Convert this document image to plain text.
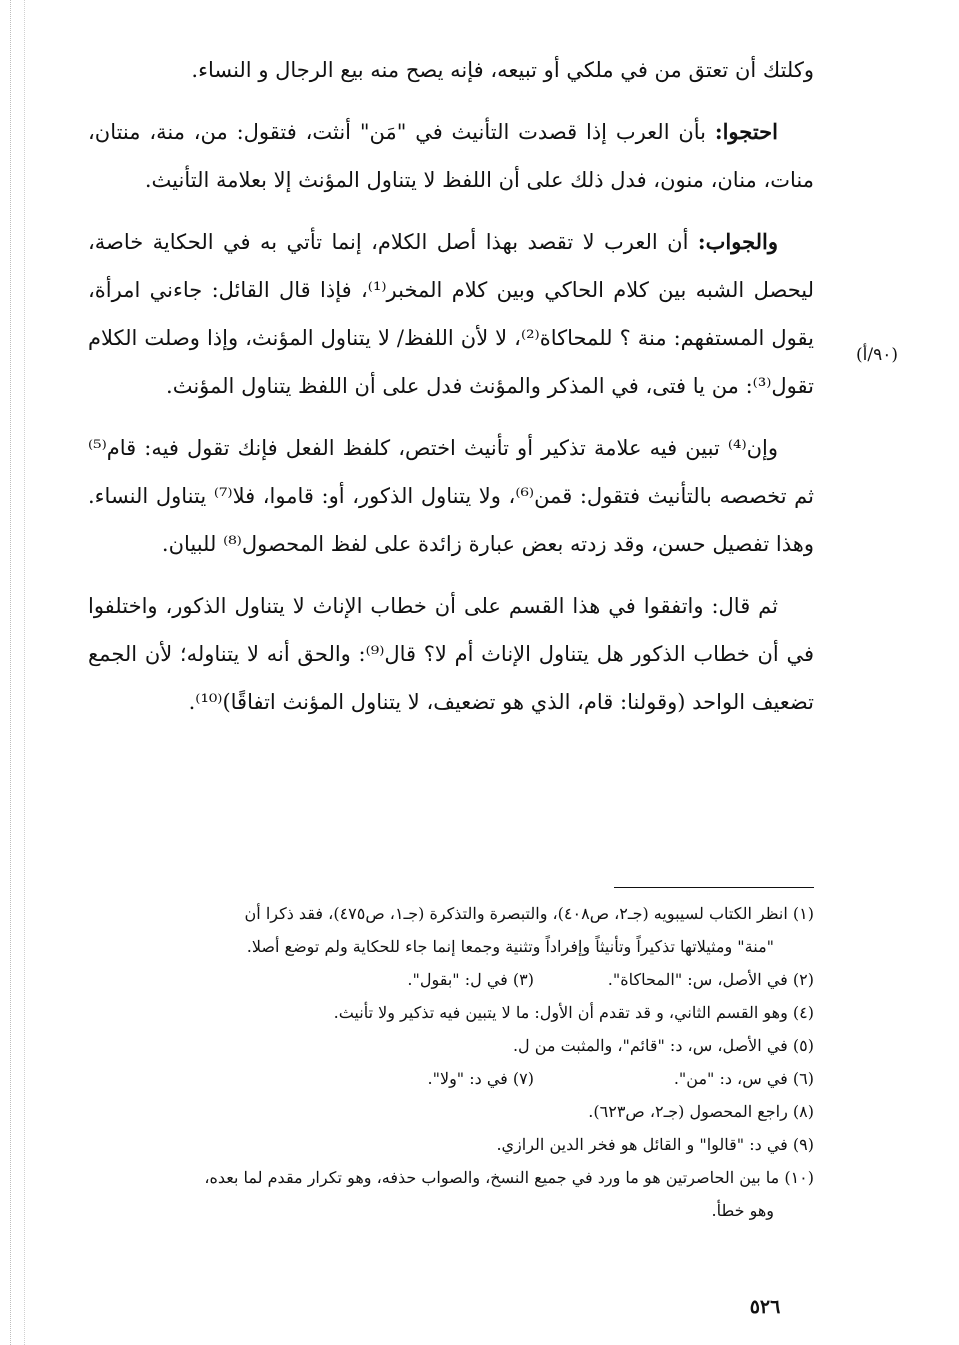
وكلتك أن تعتق من في ملكي أو تبيعه، فإنه يصح منه بيع الرجال و النساء.

احتجوا: بأن العرب إذا قصدت التأنيث في "مَن" أنثت، فتقول: من، منة، منتان، منات، منان، منون، فدل ذلك على أن اللفظ لا يتناول المؤنث إلا بعلامة التأنيث.

والجواب: أن العرب لا تقصد بهذا أصل الكلام، إنما تأتي به في الحكاية خاصة، ليحصل الشبه بين كلام الحاكي وبين كلام المخبر⁽¹⁾، فإذا قال القائل: جاءني امرأة، يقول المستفهم: منة ؟ للمحاكاة⁽²⁾، لا لأن اللفظ/ لا يتناول المؤنث، وإذا وصلت الكلام تقول⁽³⁾: من يا فتى، في المذكر والمؤنث فدل على أن اللفظ يتناول المؤنث.

وإن⁽⁴⁾ تبين فيه علامة تذكير أو تأنيث اختص، كلفظ الفعل فإنك تقول فيه: قام⁽⁵⁾ ثم تخصصه بالتأنيث فتقول: قمن⁽⁶⁾، ولا يتناول الذكور، أو: قاموا، فلا⁽⁷⁾ يتناول النساء. وهذا تفصيل حسن، وقد زدته بعض عبارة زائدة على لفظ المحصول⁽⁸⁾ للبيان.

ثم قال: واتفقوا في هذا القسم على أن خطاب الإناث لا يتناول الذكور، واختلفوا في أن خطاب الذكور هل يتناول الإناث أم لا؟ قال⁽⁹⁾: والحق أنه لا يتناوله؛ لأن الجمع تضعيف الواحد (وقولنا: قام، الذي هو تضعيف، لا يتناول المؤنث اتفاقًا)⁽¹⁰⁾.

(٩٠/أ)

(١) انظر الكتاب لسيبويه (جـ٢، ص٤٠٨)، والتبصرة والتذكرة (جـ١، ص٤٧٥)، فقد ذكرا أن

"منة" ومثيلاتها تذكيراً وتأنيثاً وإفراداً وتثنية وجمعا إنما جاء للحكاية ولم توضع أصلا.

(٢) في الأصل، س: "المحاكاة".

(٣) في ل: "بقول".

(٤) وهو القسم الثاني، و قد تقدم أن الأول: ما لا يتبين فيه تذكير ولا تأنيث.

(٥) في الأصل، س، د: "قائم"، والمثبت من ل.

(٦) في س، د: "من".

(٧) في د: "ولا".

(٨) راجع المحصول (جـ٢، ص٦٢٣).

(٩) في د: "قالوا" و القائل هو فخر الدين الرازي.

(١٠) ما بين الحاصرتين هو ما ورد في جميع النسخ، والصواب حذفه، وهو تكرار مقدم لما بعده،

وهو خطأ.

٥٢٦
